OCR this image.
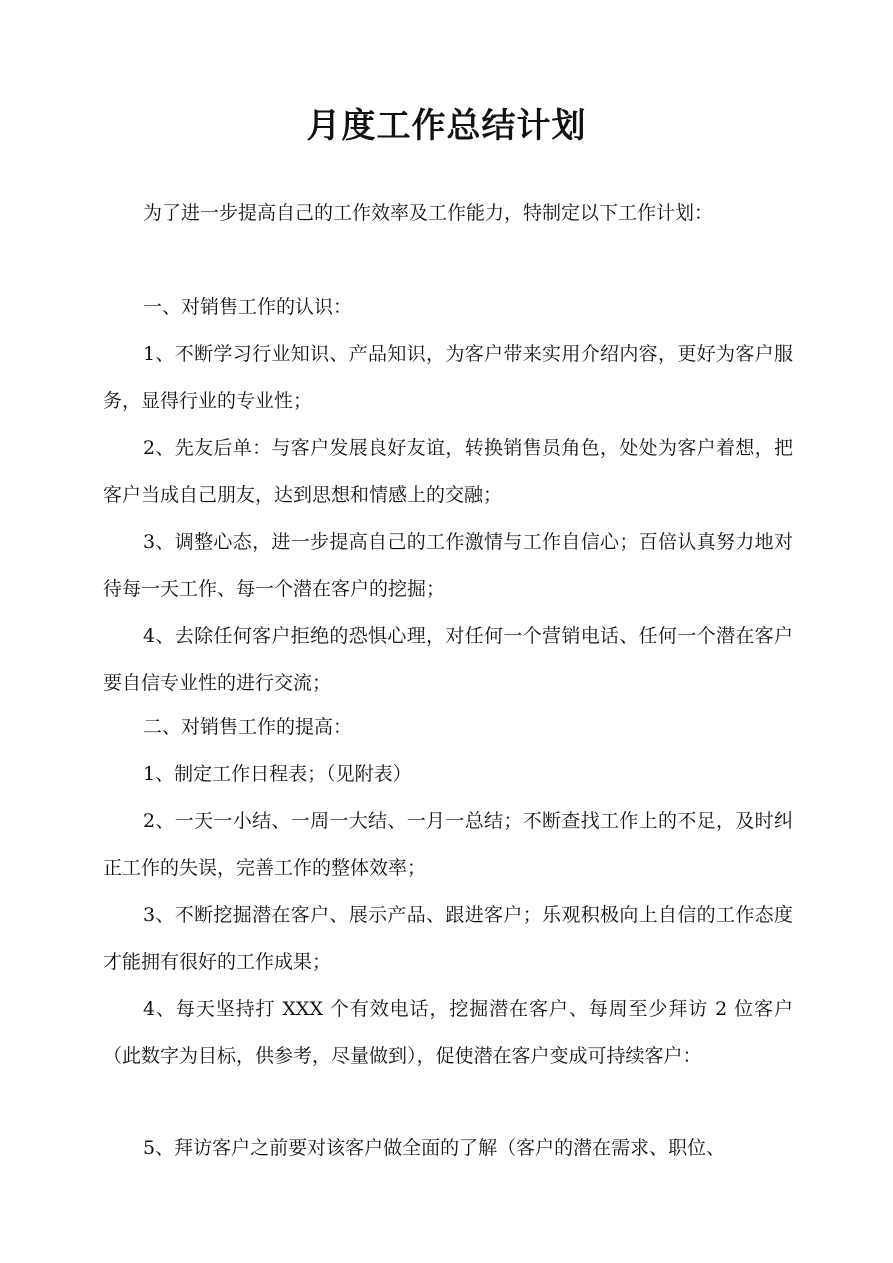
月度工作总结计划

为了进一步提高自己的工作效率及工作能力，特制定以下工作计划：

一、对销售工作的认识：

1、不断学习行业知识、产品知识，为客户带来实用介绍内容，更好为客户服务，显得行业的专业性；

2、先友后单：与客户发展良好友谊，转换销售员角色，处处为客户着想，把客户当成自己朋友，达到思想和情感上的交融；

3、调整心态，进一步提高自己的工作激情与工作自信心；百倍认真努力地对待每一天工作、每一个潜在客户的挖掘；

4、去除任何客户拒绝的恐惧心理，对任何一个营销电话、任何一个潜在客户要自信专业性的进行交流；

二、对销售工作的提高：

1、制定工作日程表；（见附表）

2、一天一小结、一周一大结、一月一总结；不断查找工作上的不足，及时纠正工作的失误，完善工作的整体效率；

3、不断挖掘潜在客户、展示产品、跟进客户；乐观积极向上自信的工作态度才能拥有很好的工作成果；

4、每天坚持打 XXX 个有效电话，挖掘潜在客户、每周至少拜访 2 位客户（此数字为目标，供参考，尽量做到），促使潜在客户变成可持续客户：

5、拜访客户之前要对该客户做全面的了解（客户的潜在需求、职位、
